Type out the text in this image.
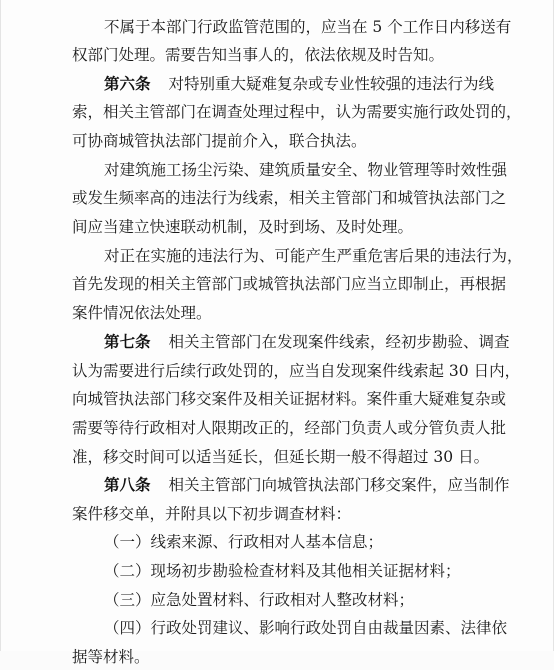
不属于本部门行政监管范围的，应当在 5 个工作日内移送有
权部门处理。需要告知当事人的，依法依规及时告知。
第六条 对特别重大疑难复杂或专业性较强的违法行为线
索，相关主管部门在调查处理过程中，认为需要实施行政处罚的，
可协商城管执法部门提前介入，联合执法。
对建筑施工扬尘污染、建筑质量安全、物业管理等时效性强
或发生频率高的违法行为线索，相关主管部门和城管执法部门之
间应当建立快速联动机制，及时到场、及时处理。
对正在实施的违法行为、可能产生严重危害后果的违法行为，
首先发现的相关主管部门或城管执法部门应当立即制止，再根据
案件情况依法处理。
第七条 相关主管部门在发现案件线索，经初步勘验、调查
认为需要进行后续行政处罚的，应当自发现案件线索起 30 日内，
向城管执法部门移交案件及相关证据材料。案件重大疑难复杂或
需要等待行政相对人限期改正的，经部门负责人或分管负责人批
准，移交时间可以适当延长，但延长期一般不得超过 30 日。
第八条 相关主管部门向城管执法部门移交案件，应当制作
案件移交单，并附具以下初步调查材料：
（一）线索来源、行政相对人基本信息；
（二）现场初步勘验检查材料及其他相关证据材料；
（三）应急处置材料、行政相对人整改材料；
（四）行政处罚建议、影响行政处罚自由裁量因素、法律依
据等材料。
